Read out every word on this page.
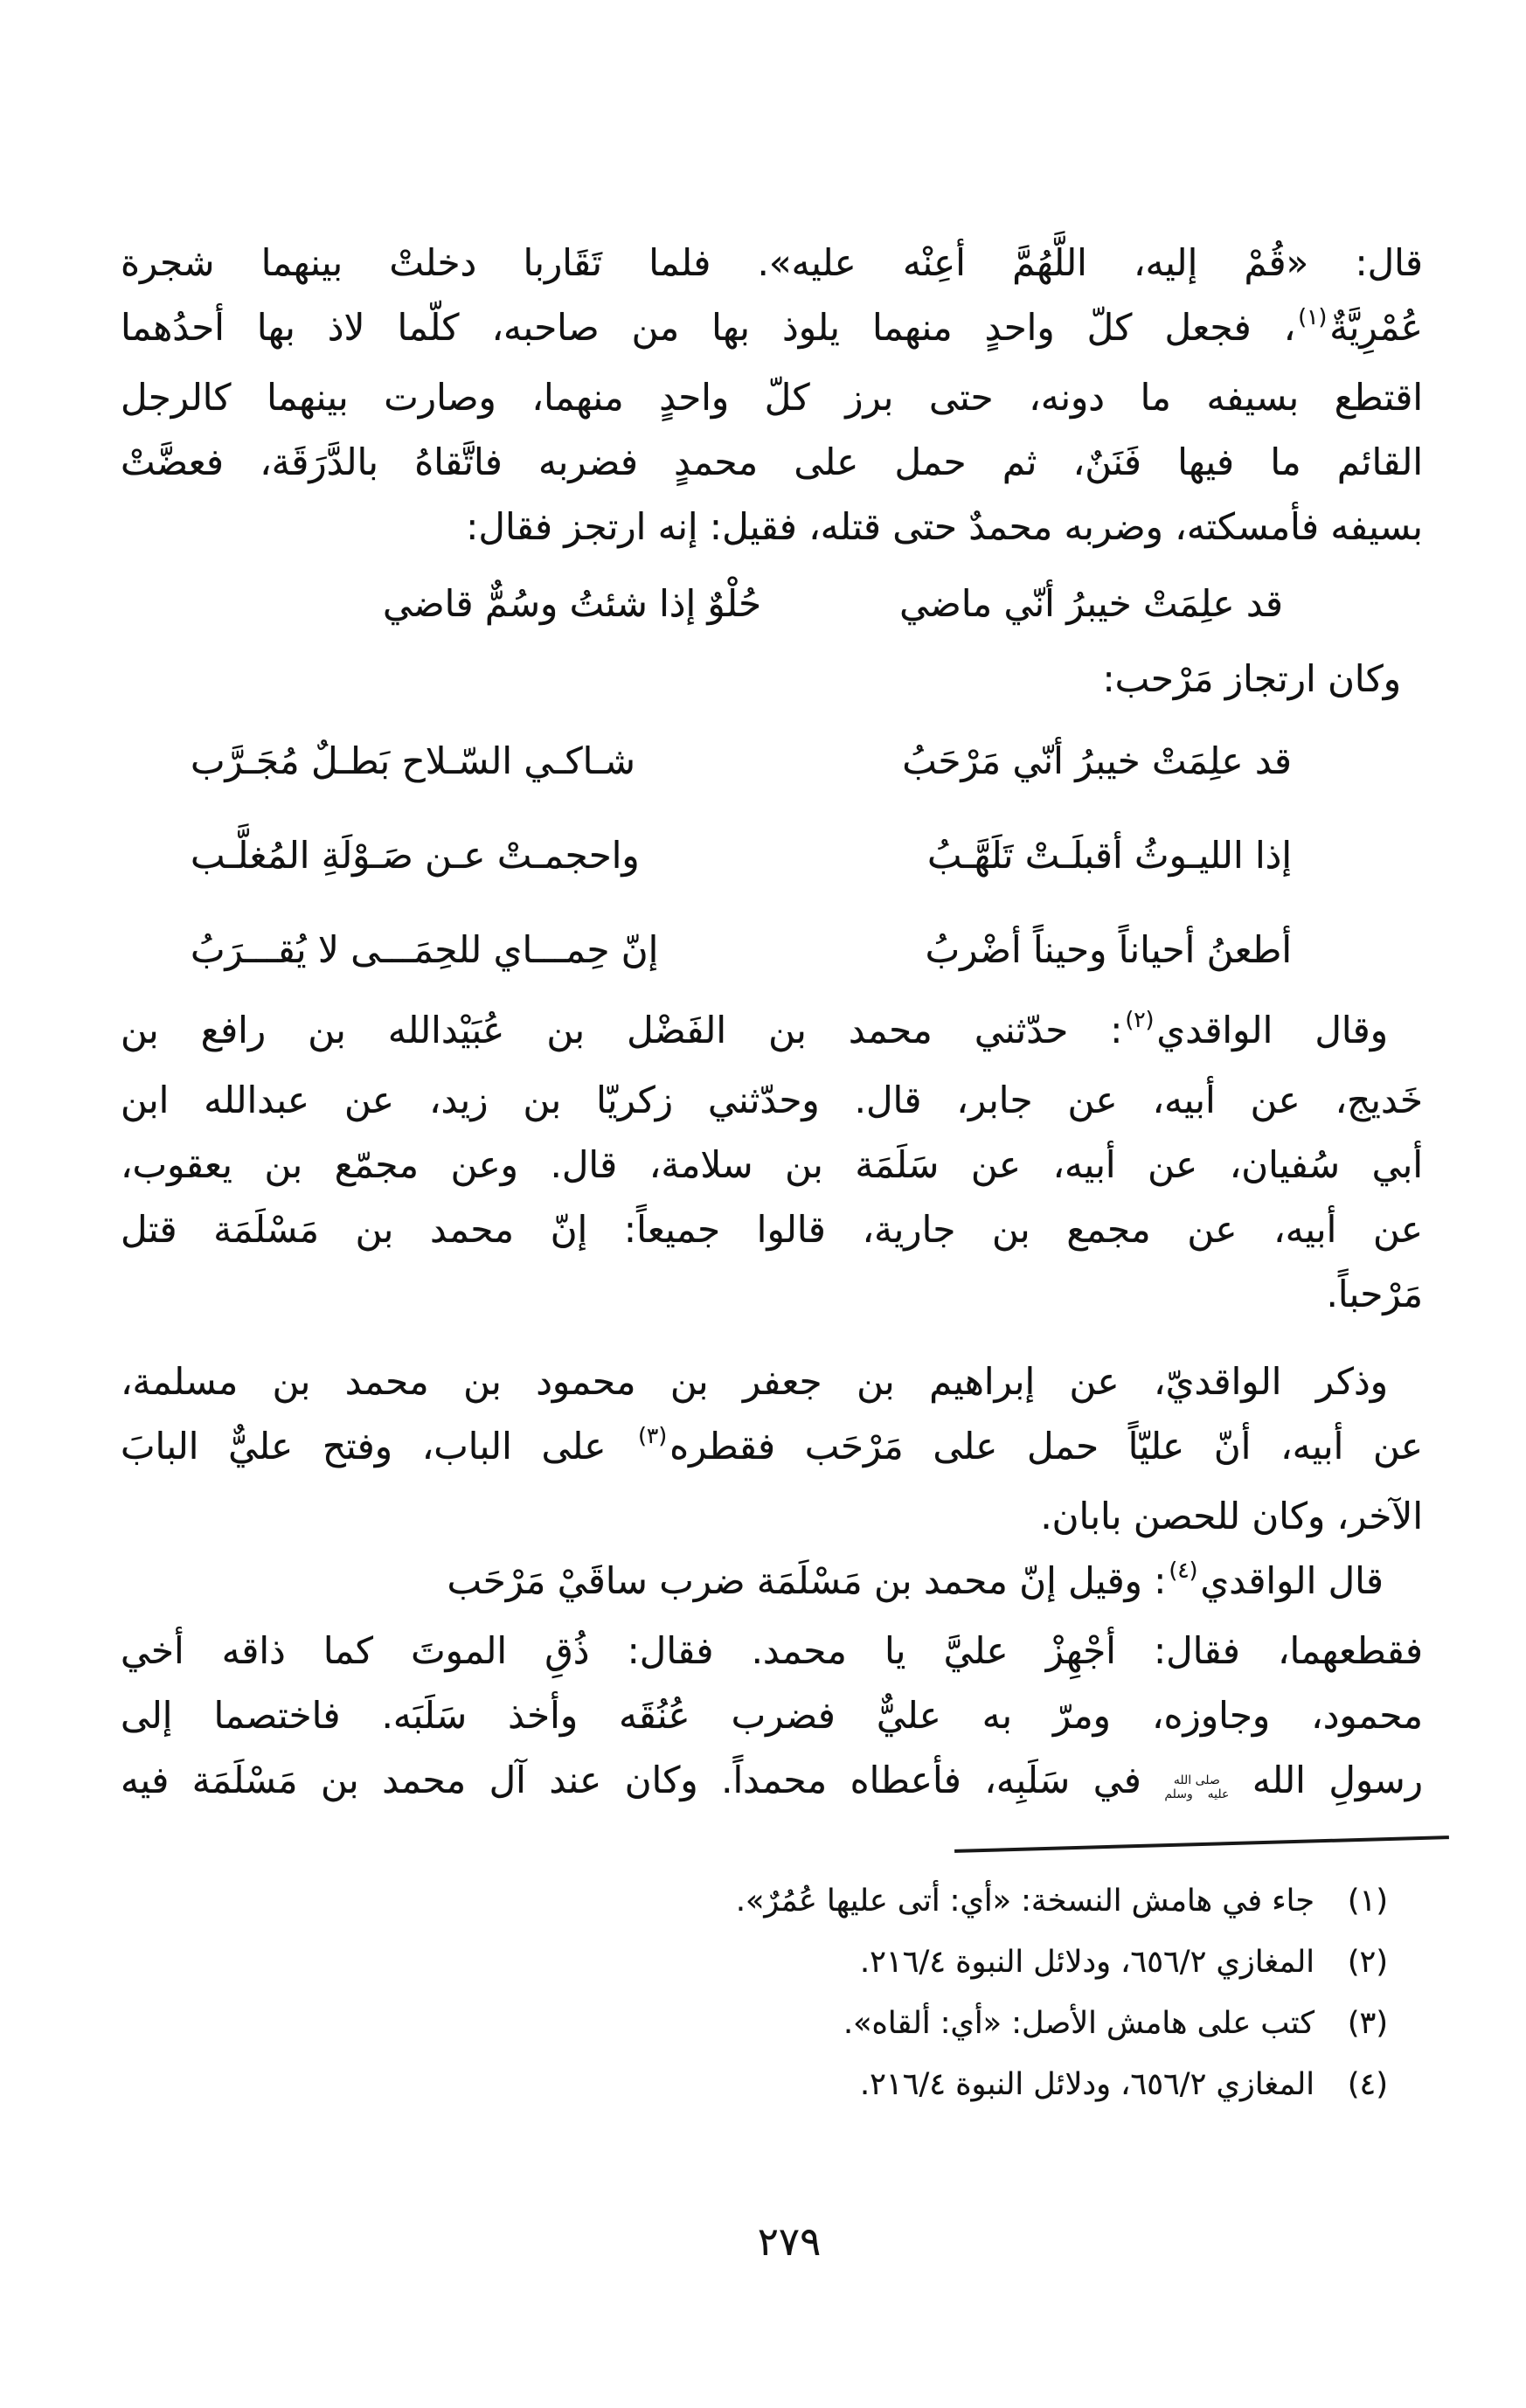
قال: «قُمْ إليه، اللَّهُمَّ أعِنْه عليه». فلما تَقَاربا دخلتْ بينهما شجرة
عُمْرِيَّةٌ$^{(١)}$، فجعل كلّ واحدٍ منهما يلوذ بها من صاحبه، كلّما لاذ بها أحدُهما
اقتطع بسيفه ما دونه، حتى برز كلّ واحدٍ منهما، وصارت بينهما كالرجل
القائم ما فيها فَنَنٌ، ثم حمل على محمدٍ فضربه فاتَّقاهُ بالدَّرَقَة، فعضَّتْ
بسيفه فأمسكته، وضربه محمدٌ حتى قتله، فقيل: إنه ارتجز فقال:
قد علِمَتْ خيبرُ أنّي ماضي
حُلْوٌ إذا شئتُ وسُمٌّ قاضي
وكان ارتجاز مَرْحب:
قد علِمَتْ خيبرُ أنّي مَرْحَبُ
شـاكـي السّـلاح بَطـلٌ مُجَـرَّب
إذا الليـوثُ أقبلَـتْ تَلَهَّـبُ
واحجمـتْ عـن صَـوْلَةِ المُغلَّـب
أطعنُ أحياناً وحيناً أضْربُ
إنّ حِمـــاي للحِمَـــى لا يُقـــرَبُ
وقال الواقدي$^{(٢)}$: حدّثني محمد بن الفَضْل بن عُبَيْدالله بن رافع بن
خَديج، عن أبيه، عن جابر، قال. وحدّثني زكريّا بن زيد، عن عبدالله ابن
أبي سُفيان، عن أبيه، عن سَلَمَة بن سلامة، قال. وعن مجمّع بن يعقوب،
عن أبيه، عن مجمع بن جارية، قالوا جميعاً: إنّ محمد بن مَسْلَمَة قتل
مَرْحباً.
وذكر الواقديّ، عن إبراهيم بن جعفر بن محمود بن محمد بن مسلمة،
عن أبيه، أنّ عليّاً حمل على مَرْحَب فقطره$^{(٣)}$ على الباب، وفتح عليٌّ البابَ
الآخر، وكان للحصن بابان.
قال الواقدي$^{(٤)}$: وقيل إنّ محمد بن مَسْلَمَة ضرب ساقَيْ مَرْحَب
فقطعهما، فقال: أجْهِزْ عليَّ يا محمد. فقال: ذُقِ الموتَ كما ذاقه أخي
محمود، وجاوزه، ومرّ به عليٌّ فضرب عُنُقَه وأخذ سَلَبَه. فاختصما إلى
رسولِ الله صلى الله عليه وسلم في سَلَبِه، فأعطاه محمداً. وكان عند آل محمد بن مَسْلَمَة فيه
(١)
جاء في هامش النسخة: «أي: أتى عليها عُمُرٌ».
(٢)
المغازي ٦٥٦/٢، ودلائل النبوة ٢١٦/٤.
(٣)
كتب على هامش الأصل: «أي: ألقاه».
(٤)
المغازي ٦٥٦/٢، ودلائل النبوة ٢١٦/٤.
٢٧٩
